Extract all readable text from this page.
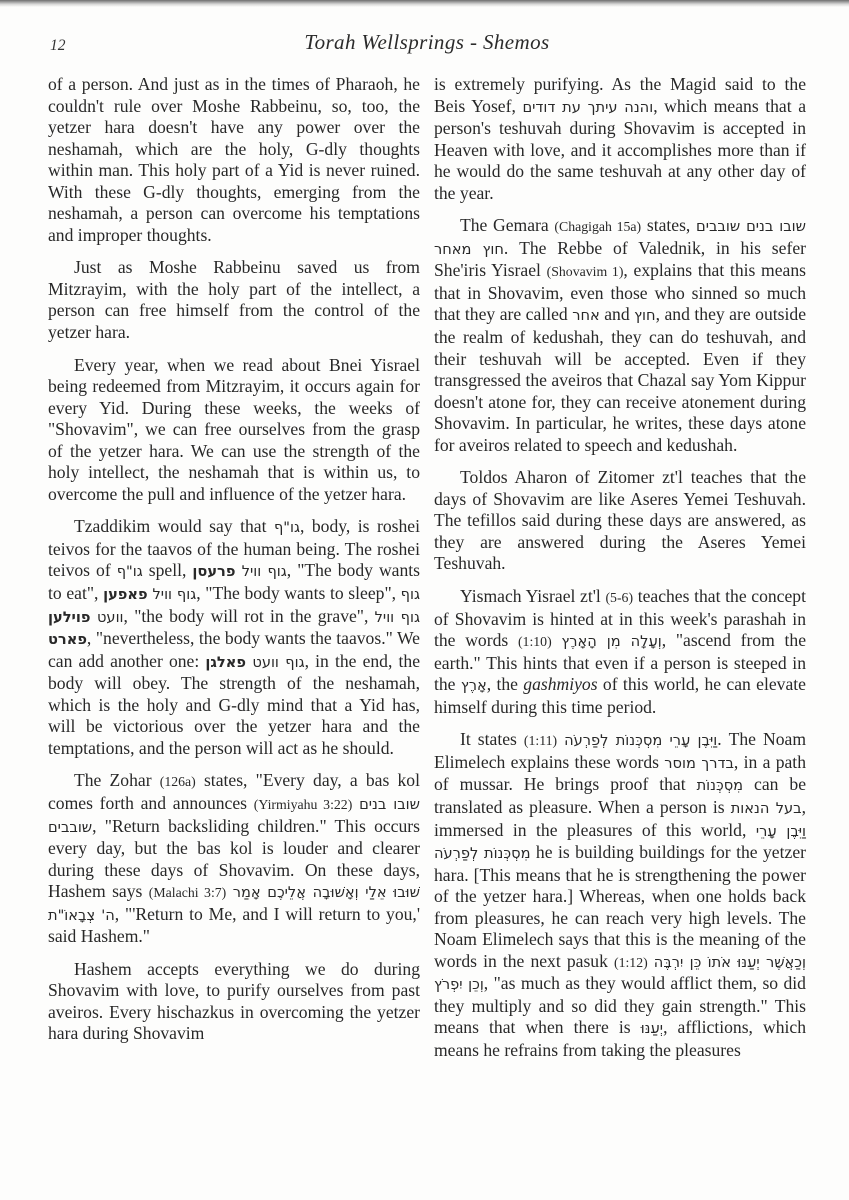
12	Torah Wellsprings - Shemos

of a person. And just as in the times of Pharaoh, he couldn't rule over Moshe Rabbeinu, so, too, the yetzer hara doesn't have any power over the neshamah, which are the holy, G-dly thoughts within man. This holy part of a Yid is never ruined. With these G-dly thoughts, emerging from the neshamah, a person can overcome his temptations and improper thoughts.

Just as Moshe Rabbeinu saved us from Mitzrayim, with the holy part of the intellect, a person can free himself from the control of the yetzer hara.

Every year, when we read about Bnei Yisrael being redeemed from Mitzrayim, it occurs again for every Yid. During these weeks, the weeks of "Shovavim", we can free ourselves from the grasp of the yetzer hara. We can use the strength of the holy intellect, the neshamah that is within us, to overcome the pull and influence of the yetzer hara.

Tzaddikim would say that גו"ף, body, is roshei teivos for the taavos of the human being. The roshei teivos of גו"ף spell,	גוף וויל פרעסן	, "The body wants to eat",	גוף וויל פאפען	, "The body wants to sleep", גוף וועט פוילען , "the body will rot in the grave", גוף וויל פארט, "nevertheless, the body wants the taavos." We can add another one:	גוף וועט פאלגן	, in the end, the body will obey. The strength of the neshamah, which is the holy and G-dly mind that a Yid has, will be victorious over the yetzer hara and the temptations, and the person will act as he should.

The Zohar (126a) states, "Every day, a bas kol comes forth and announces (Yirmiyahu 3:22) שובו בנים שובבים, "Return backsliding children." This occurs every day, but the bas kol is louder and clearer during these days of Shovavim. On these days, Hashem says (Malachi 3:7) שׁוּבוּ אֵלַי וְאָשׁוּבָה אֲלֵיכֶם אָמַר ה' צְבָאוֹ"ת, "'Return to Me, and I will return to you,' said Hashem."

Hashem accepts everything we do during Shovavim with love, to purify ourselves from past aveiros. Every hischazkus in overcoming the yetzer hara during Shovavim

is extremely purifying. As the Magid said to the Beis Yosef, והנה עיתך עת דודים, which means that a person's teshuvah during Shovavim is accepted in Heaven with love, and it accomplishes more than if he would do the same teshuvah at any other day of the year.

The Gemara (Chagigah 15a) states, שובו בנים שובבים חוץ מאחר. The Rebbe of Valednik, in his sefer She'iris Yisrael (Shovavim 1), explains that this means that in Shovavim, even those who sinned so much that they are called אחר and חוץ, and they are outside the realm of kedushah, they can do teshuvah, and their teshuvah will be accepted. Even if they transgressed the aveiros that Chazal say Yom Kippur doesn't atone for, they can receive atonement during Shovavim. In particular, he writes, these days atone for aveiros related to speech and kedushah.

Toldos Aharon of Zitomer zt'l teaches that the days of Shovavim are like Aseres Yemei Teshuvah. The tefillos said during these days are answered, as they are answered during the Aseres Yemei Teshuvah.

Yismach Yisrael zt'l (5-6) teaches that the concept of Shovavim is hinted at in this week's parashah in the words (1:10) וְעָלָה מִן הָאָרֶץ, "ascend from the earth." This hints that even if a person is steeped in the אָרֶץ, the gashmiyos of this world, he can elevate himself during this time period.

It states (1:11) וַיִּבֶן עָרֵי מִסְכְּנוֹת לְפַרְעֹה. The Noam Elimelech explains these words בדרך מוסר, in a path of mussar. He brings proof that מִסְכְּנוֹת can be translated as pleasure. When a person is בעל הנאות, immersed in the pleasures of this world, וַיִּבֶן עָרֵי מִסְכְּנוֹת לְפַרְעֹה he is building buildings for the yetzer hara. [This means that he is strengthening the power of the yetzer hara.] Whereas, when one holds back from pleasures, he can reach very high levels. The Noam Elimelech says that this is the meaning of the words in the next pasuk (1:12) וְכַאֲשֶׁר יְעַנּוּ אֹתוֹ כֵּן יִרְבֶּה וְכֵן יִפְרֹץ, "as much as they would afflict them, so did they multiply and so did they gain strength." This means that when there is יְעַנּוּ, afflictions, which means he refrains from taking the pleasures
